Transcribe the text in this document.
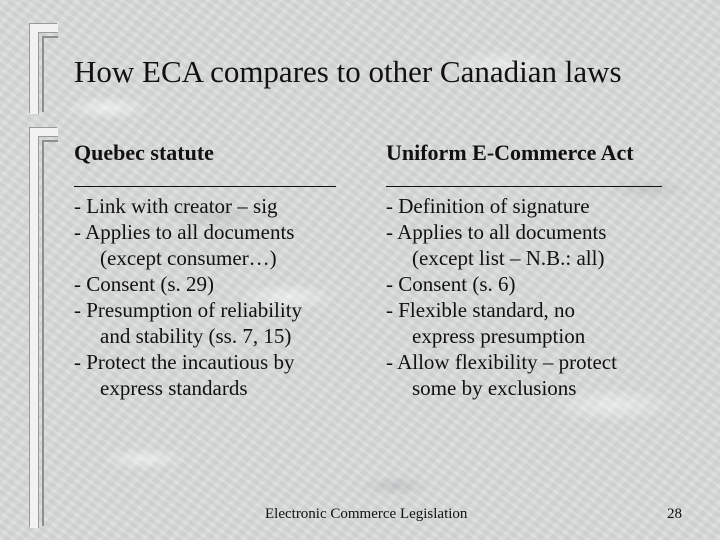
How ECA compares to other Canadian laws
Quebec statute
- Link with creator – sig
- Applies to all documents
(except consumer…)
- Consent (s. 29)
- Presumption of reliability
and stability (ss. 7, 15)
- Protect the incautious by
express standards
Uniform E-Commerce Act
- Definition of signature
- Applies to all documents
(except list – N.B.: all)
- Consent (s. 6)
- Flexible standard, no
express presumption
- Allow flexibility – protect
some by exclusions
Electronic Commerce Legislation	28
